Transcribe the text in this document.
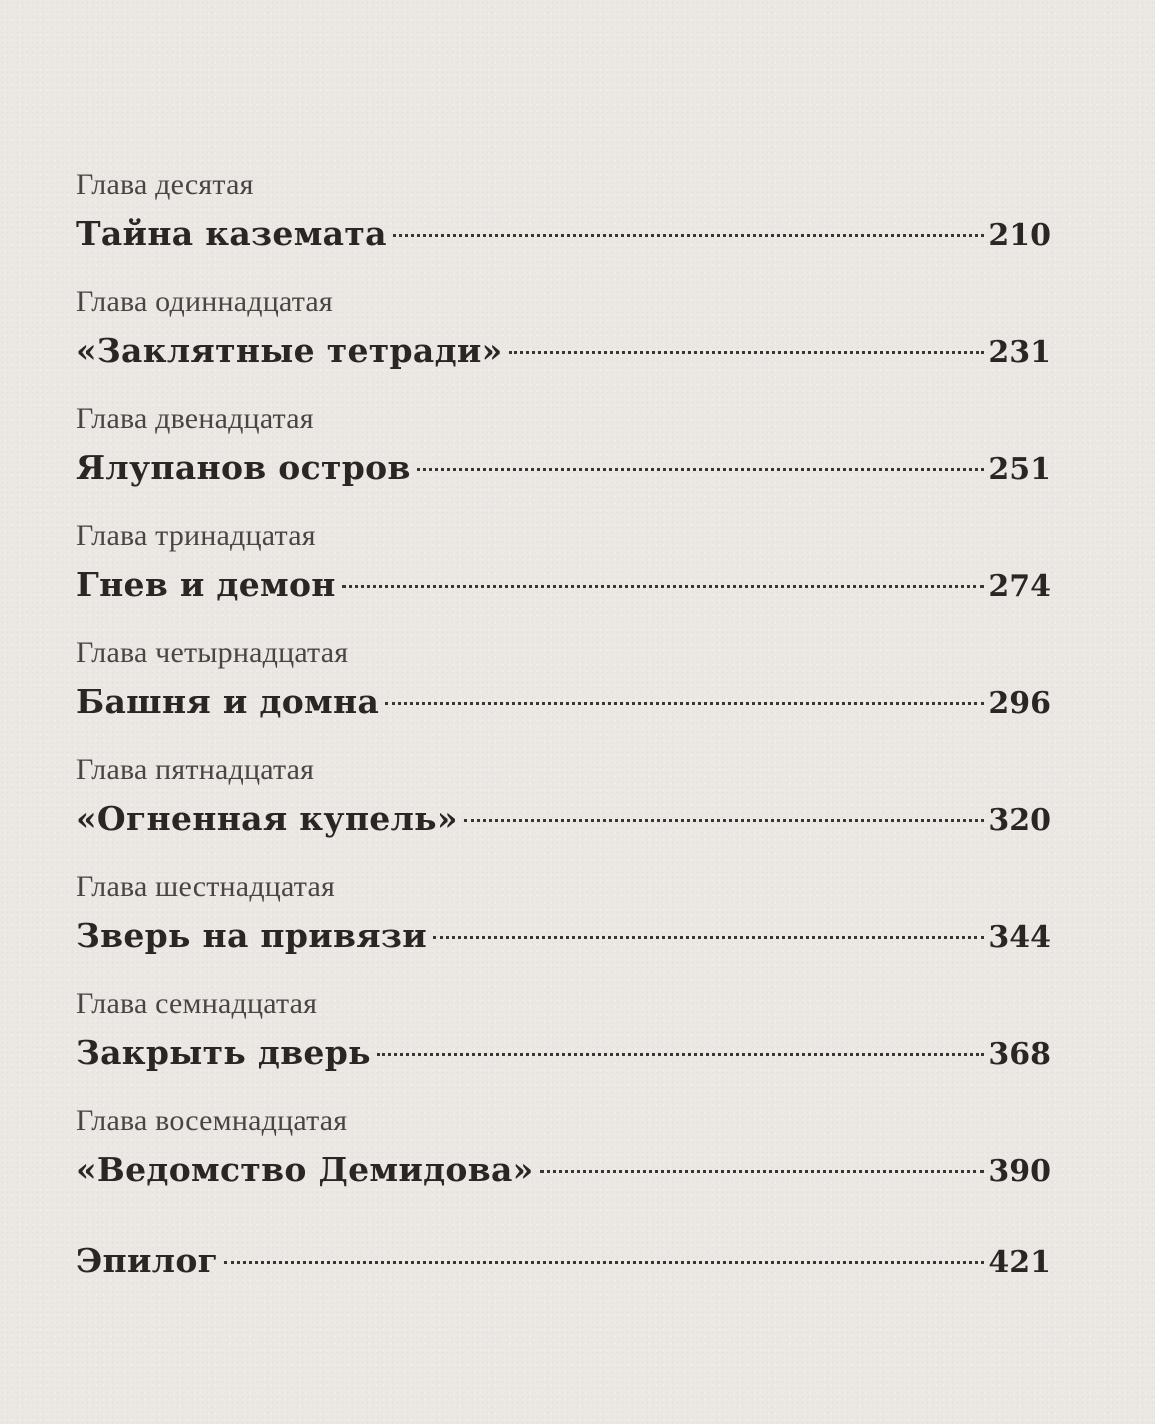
Глава десятая
Тайна каземата	210
Глава одиннадцатая
«Заклятные тетради»	231
Глава двенадцатая
Ялупанов остров	251
Глава тринадцатая
Гнев и демон	274
Глава четырнадцатая
Башня и домна	296
Глава пятнадцатая
«Огненная купель»	320
Глава шестнадцатая
Зверь на привязи	344
Глава семнадцатая
Закрыть дверь	368
Глава восемнадцатая
«Ведомство Демидова»	390
Эпилог	421
